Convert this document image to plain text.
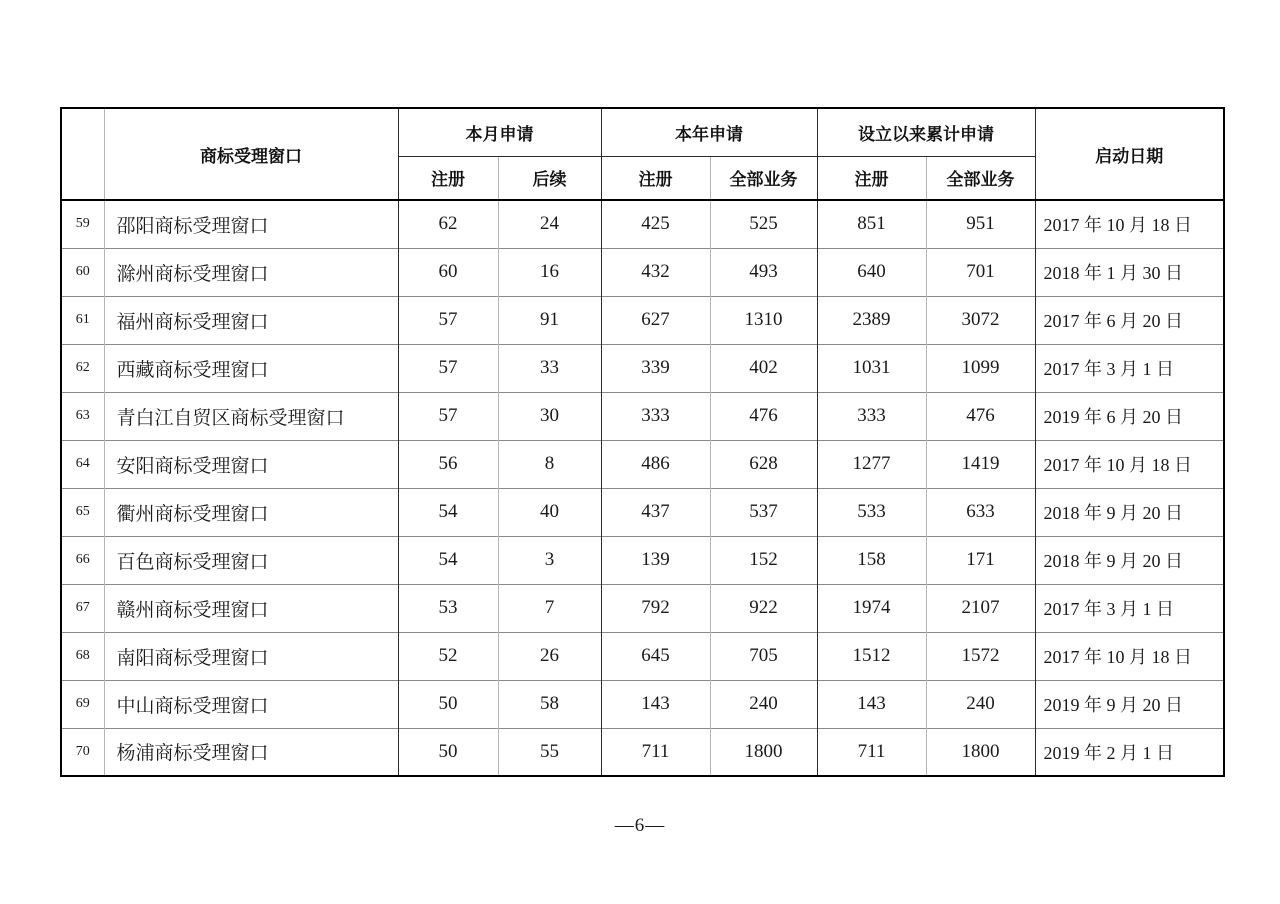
	商标受理窗口	本月申请		本年申请		设立以来累计申请		启动日期
		注册	后续	注册	全部业务	注册	全部业务	
59	邵阳商标受理窗口	62	24	425	525	851	951	2017 年 10 月 18 日
60	滁州商标受理窗口	60	16	432	493	640	701	2018 年 1 月 30 日
61	福州商标受理窗口	57	91	627	1310	2389	3072	2017 年 6 月 20 日
62	西藏商标受理窗口	57	33	339	402	1031	1099	2017 年 3 月 1 日
63	青白江自贸区商标受理窗口	57	30	333	476	333	476	2019 年 6 月 20 日
64	安阳商标受理窗口	56	8	486	628	1277	1419	2017 年 10 月 18 日
65	衢州商标受理窗口	54	40	437	537	533	633	2018 年 9 月 20 日
66	百色商标受理窗口	54	3	139	152	158	171	2018 年 9 月 20 日
67	赣州商标受理窗口	53	7	792	922	1974	2107	2017 年 3 月 1 日
68	南阳商标受理窗口	52	26	645	705	1512	1572	2017 年 10 月 18 日
69	中山商标受理窗口	50	58	143	240	143	240	2019 年 9 月 20 日
70	杨浦商标受理窗口	50	55	711	1800	711	1800	2019 年 2 月 1 日
—6—
